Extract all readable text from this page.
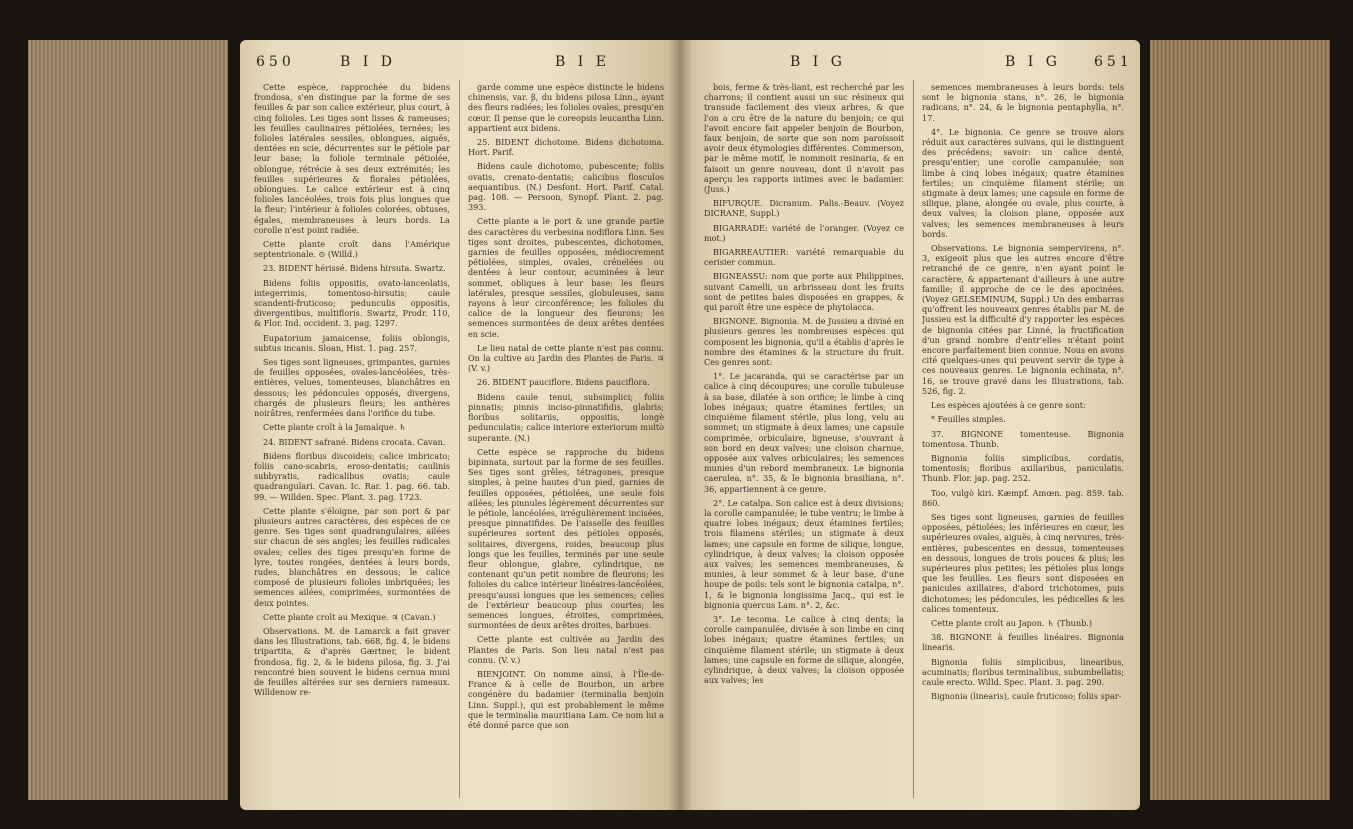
650	B I D	B I E

Cette espèce, rapprochée du bidens frondosa, s'en distingue par la forme de ses feuilles & par son calice extérieur, plus court, à cinq folioles. Les tiges sont lisses & rameuses; les feuilles caulinaires pétiolées, ternées; les folioles latérales sessiles, oblongues, aiguës, dentées en scie, décurrentes sur le pétiole par leur base; la foliole terminale pétiolée, oblongue, rétrécie à ses deux extrémités; les feuilles supérieures & florales pétiolées, oblongues. Le calice extérieur est à cinq folioles lancéolées, trois fois plus longues que la fleur; l'intérieur à folioles colorées, obtuses, égales, membraneuses à leurs bords. La corolle n'est point radiée.

Cette plante croît dans l'Amérique septentrionale. ⊙ (Willd.)

23. BIDENT hérissé. Bidens hirsuta. Swartz.

Bidens foliis oppositis, ovato-lanceolatis, integerrimis, tomentoso-hirsutis; caule scandenti-fruticoso; pedunculis oppositis, divergentibus, multifloris. Swartz, Prodr. 110, & Flor. Ind. occident. 3. pag. 1297.

Eupatorium jamaicense, foliis oblongis, subtus incanis. Sloan, Hist. 1. pag. 257.

Ses tiges sont ligneuses, grimpantes, garnies de feuilles opposées, ovales-lancéolées, très-entières, velues, tomenteuses, blanchâtres en dessous; les pédoncules opposés, divergens, chargés de plusieurs fleurs; les anthères noirâtres, renfermées dans l'orifice du tube.

Cette plante croît à la Jamaïque. ♄

24. BIDENT safrané. Bidens crocata. Cavan.

Bidens floribus discoideis; calice imbricato; foliis cano-scabris, eroso-dentatis; caulinis subbyratis, radicalibus ovatis; caule quadrangulari. Cavan. Ic. Rar. 1. pag. 66. tab. 99. — Willden. Spec. Plant. 3. pag. 1723.

Cette plante s'éloigne, par son port & par plusieurs autres caractères, des espèces de ce genre. Ses tiges sont quadrangulaires, ailées sur chacun de ses angles; les feuilles radicales ovales; celles des tiges presqu'en forme de lyre, toutes rongées, dentées à leurs bords, rudes, blanchâtres en dessous; le calice composé de plusieurs folioles imbriquées; les semences ailées, comprimées, surmontées de deux pointes.

Cette plante croît au Mexique. ♃ (Cavan.)

Observations. M. de Lamarck a fait graver dans les Illustrations, tab. 668, fig. 4, le bidens tripartita, & d'après Gærtner, le bident frondosa, fig. 2, & le bidens pilosa, fig. 3. J'ai rencontré bien souvent le bidens cernua muni de feuilles altérées sur ses derniers rameaux. Willdenow re-

garde comme une espèce distincte le bidens chinensis, var. β, du bidens pilosa Linn., ayant des fleurs radiées; les folioles ovales, presqu'en cœur. Il pense que le coreopsis leucantha Linn. appartient aux bidens.

25. BIDENT dichotome. Bidens dichotoma. Hort. Parif.

Bidens caule dichotomo, pubescente; foliis ovatis, crenato-dentatis; calicibus flosculos aequantibus. (N.) Desfont. Hort. Parif. Catal. pag. 108. — Persoon, Synopf. Plant. 2. pag. 393.

Cette plante a le port & une grande partie des caractères du verbesina nodiflora Linn. Ses tiges sont droites, pubescentes, dichotomes, garnies de feuilles opposées, médiocrement pétiolées, simples, ovales, crénelées ou dentées à leur contour, acuminées à leur sommet, obliques à leur base; les fleurs latérales, presque sessiles, globuleuses, sans rayons à leur circonférence; les folioles du calice de la longueur des fleurons; les semences surmontées de deux arêtes dentées en scie.

Le lieu natal de cette plante n'est pas connu. On la cultive au Jardin des Plantes de Paris. ♃ (V. v.)

26. BIDENT pauciflore. Bidens pauciflora.

Bidens caule tenui, subsimplici; foliis pinnatis; pinnis inciso-pinnatifidis, glabris; floribus solitariis, oppositis, longè pedunculatis; calice interiore exteriorum multò superante. (N.)

Cette espèce se rapproche du bidens bipinnata, surtout par la forme de ses feuilles. Ses tiges sont grêles, tétragones, presque simples, à peine hautes d'un pied, garnies de feuilles opposées, pétiolées, une seule fois ailées; les pinnules légèrement décurrentes sur le pétiole, lancéolées, irrégulièrement incisées, presque pinnatifides. De l'aisselle des feuilles supérieures sortent des pétioles opposés, solitaires, divergens, roides, beaucoup plus longs que les feuilles, terminés par une seule fleur oblongue, glabre, cylindrique, ne contenant qu'un petit nombre de fleurons; les folioles du calice intérieur linéaires-lancéolées, presqu'aussi longues que les semences; celles de l'extérieur beaucoup plus courtes; les semences longues, étroites, comprimées, surmontées de deux arêtes droites, barbues.

Cette plante est cultivée au Jardin des Plantes de Paris. Son lieu natal n'est pas connu. (V. v.)

BIENJOINT. On nomme ainsi, à l'Île-de-France & à celle de Bourbon, un arbre congénère du badamier (terminalia benjoin Linn. Suppl.), qui est probablement le même que le terminalia mauritiana Lam. Ce nom lui a été donné parce que son

B I G	B I G 651

bois, ferme & très-liant, est recherché par les charrons; il contient aussi un suc résineux qui transude facilement des vieux arbres, & que l'on a cru être de la nature du benjoin; ce qui l'avoit encore fait appeler benjoin de Bourbon, faux benjoin, de sorte que son nom paroissoit avoir deux étymologies différentes. Commerson, par le même motif, le nommoit resinaria, & en faisoit un genre nouveau, dont il n'avoit pas aperçu les rapports intimes avec le badamier. (Juss.)

BIFURQUE. Dicranum. Palis.-Beauv. (Voyez DICRANE, Suppl.)

BIGARRADE: variété de l'oranger. (Voyez ce mot.)

BIGARREAUTIER: variété remarquable du cerisier commun.

BIGNEASSU: nom que porte aux Philippines, suivant Camelli, un arbrisseau dont les fruits sont de petites baies disposées en grappes, & qui paroît être une espèce de phytolacca.

BIGNONE. Bignonia. M. de Jussieu a divisé en plusieurs genres les nombreuses espèces qui composent les bignonia, qu'il a établis d'après le nombre des étamines & la structure du fruit. Ces genres sont:

1°. Le jacaranda, qui se caractérise par un calice à cinq découpures; une corolle tubuleuse à sa base, dilatée à son orifice; le limbe à cinq lobes inégaux; quatre étamines fertiles; un cinquième filament stérile, plus long, velu au sommet; un stigmate à deux lames; une capsule comprimée, orbiculaire, ligneuse, s'ouvrant à son bord en deux valves; une cloison charnue, opposée aux valves orbiculaires; les semences munies d'un rebord membraneux. Le bignonia caerulea, n°. 35, & le bignonia brasiliana, n°. 36, appartiennent à ce genre.

2°. Le catalpa. Son calice est à deux divisions; la corolle campanulée; le tube ventru; le limbe à quatre lobes inégaux; deux étamines fertiles; trois filamens stériles; un stigmate à deux lames; une capsule en forme de silique, longue, cylindrique, à deux valves; la cloison opposée aux valves; les semences membraneuses, & munies, à leur sommet & à leur base, d'une houpe de poils: tels sont le bignonia catalpa, n°. 1, & le bignonia longissima Jacq., qui est le bignonia quercus Lam. n°. 2, &c.

3°. Le tecoma. Le calice à cinq dents; la corolle campanulée, divisée à son limbe en cinq lobes inégaux; quatre étamines fertiles; un cinquième filament stérile; un stigmate à deux lames; une capsule en forme de silique, alongée, cylindrique, à deux valves; la cloison opposée aux valves; les

semences membraneuses à leurs bords: tels sont le bignonia stans, n°. 26, le bignonia radicans, n°. 24, & le bignonia pentaphylla, n°. 17.

4°. Le bignonia. Ce genre se trouve alors réduit aux caractères suivans, qui le distinguent des précédens; savoir: un calice denté, presqu'entier; une corolle campanulée; son limbe à cinq lobes inégaux; quatre étamines fertiles; un cinquième filament stérile; un stigmate à deux lames; une capsule en forme de silique, plane, alongée ou ovale, plus courte, à deux valves; la cloison plane, opposée aux valves; les semences membraneuses à leurs bords.

Observations. Le bignonia sempervirens, n°. 3, exigeoit plus que les autres encore d'être retranché de ce genre, n'en ayant point le caractère, & appartenant d'ailleurs à une autre famille; il approche de ce le des apocinées. (Voyez GELSEMINUM, Suppl.) Un des embarras qu'offrent les nouveaux genres établis par M. de Jussieu est la difficulté d'y rapporter les espèces de bignonia citées par Linné, la fructification d'un grand nombre d'entr'elles n'étant point encore parfaitement bien connue. Nous en avons cité quelques-unes qui peuvent servir de type à ces nouveaux genres. Le bignonia echinata, n°. 16, se trouve gravé dans les Illustrations, tab. 526, fig. 2.

Les espèces ajoutées à ce genre sont:

* Feuilles simples.

37. BIGNONE tomenteuse. Bignonia tomentosa. Thunb.

Bignonia foliis simplicibus, cordatis, tomentosis; floribus axillaribus, paniculatis. Thunb. Flor. jap. pag. 252.

Too, vulgò kiri. Kæmpf. Amœn. pag. 859. tab. 860.

Ses tiges sont ligneuses, garnies de feuilles opposées, pétiolées; les inférieures en cœur, les supérieures ovales, aiguës, à cinq nervures, très-entières, pubescentes en dessus, tomenteuses en dessous, longues de trois pouces & plus; les supérieures plus petites; les pétioles plus longs que les feuilles. Les fleurs sont disposées en panicules axillaires, d'abord trichotomes, puis dichotomes; les pédoncules, les pédicelles & les calices tomenteux.

Cette plante croît au Japon. ♄ (Thunb.)

38. BIGNONE à feuilles linéaires. Bignonia linearis.

Bignonia foliis simplicibus, linearibus, acuminatis; floribus terminalibus, subumbellatis; caule erecto. Willd. Spec. Plant. 3. pag. 290.

Bignonia (linearis), caule fruticoso; foliis spar-
